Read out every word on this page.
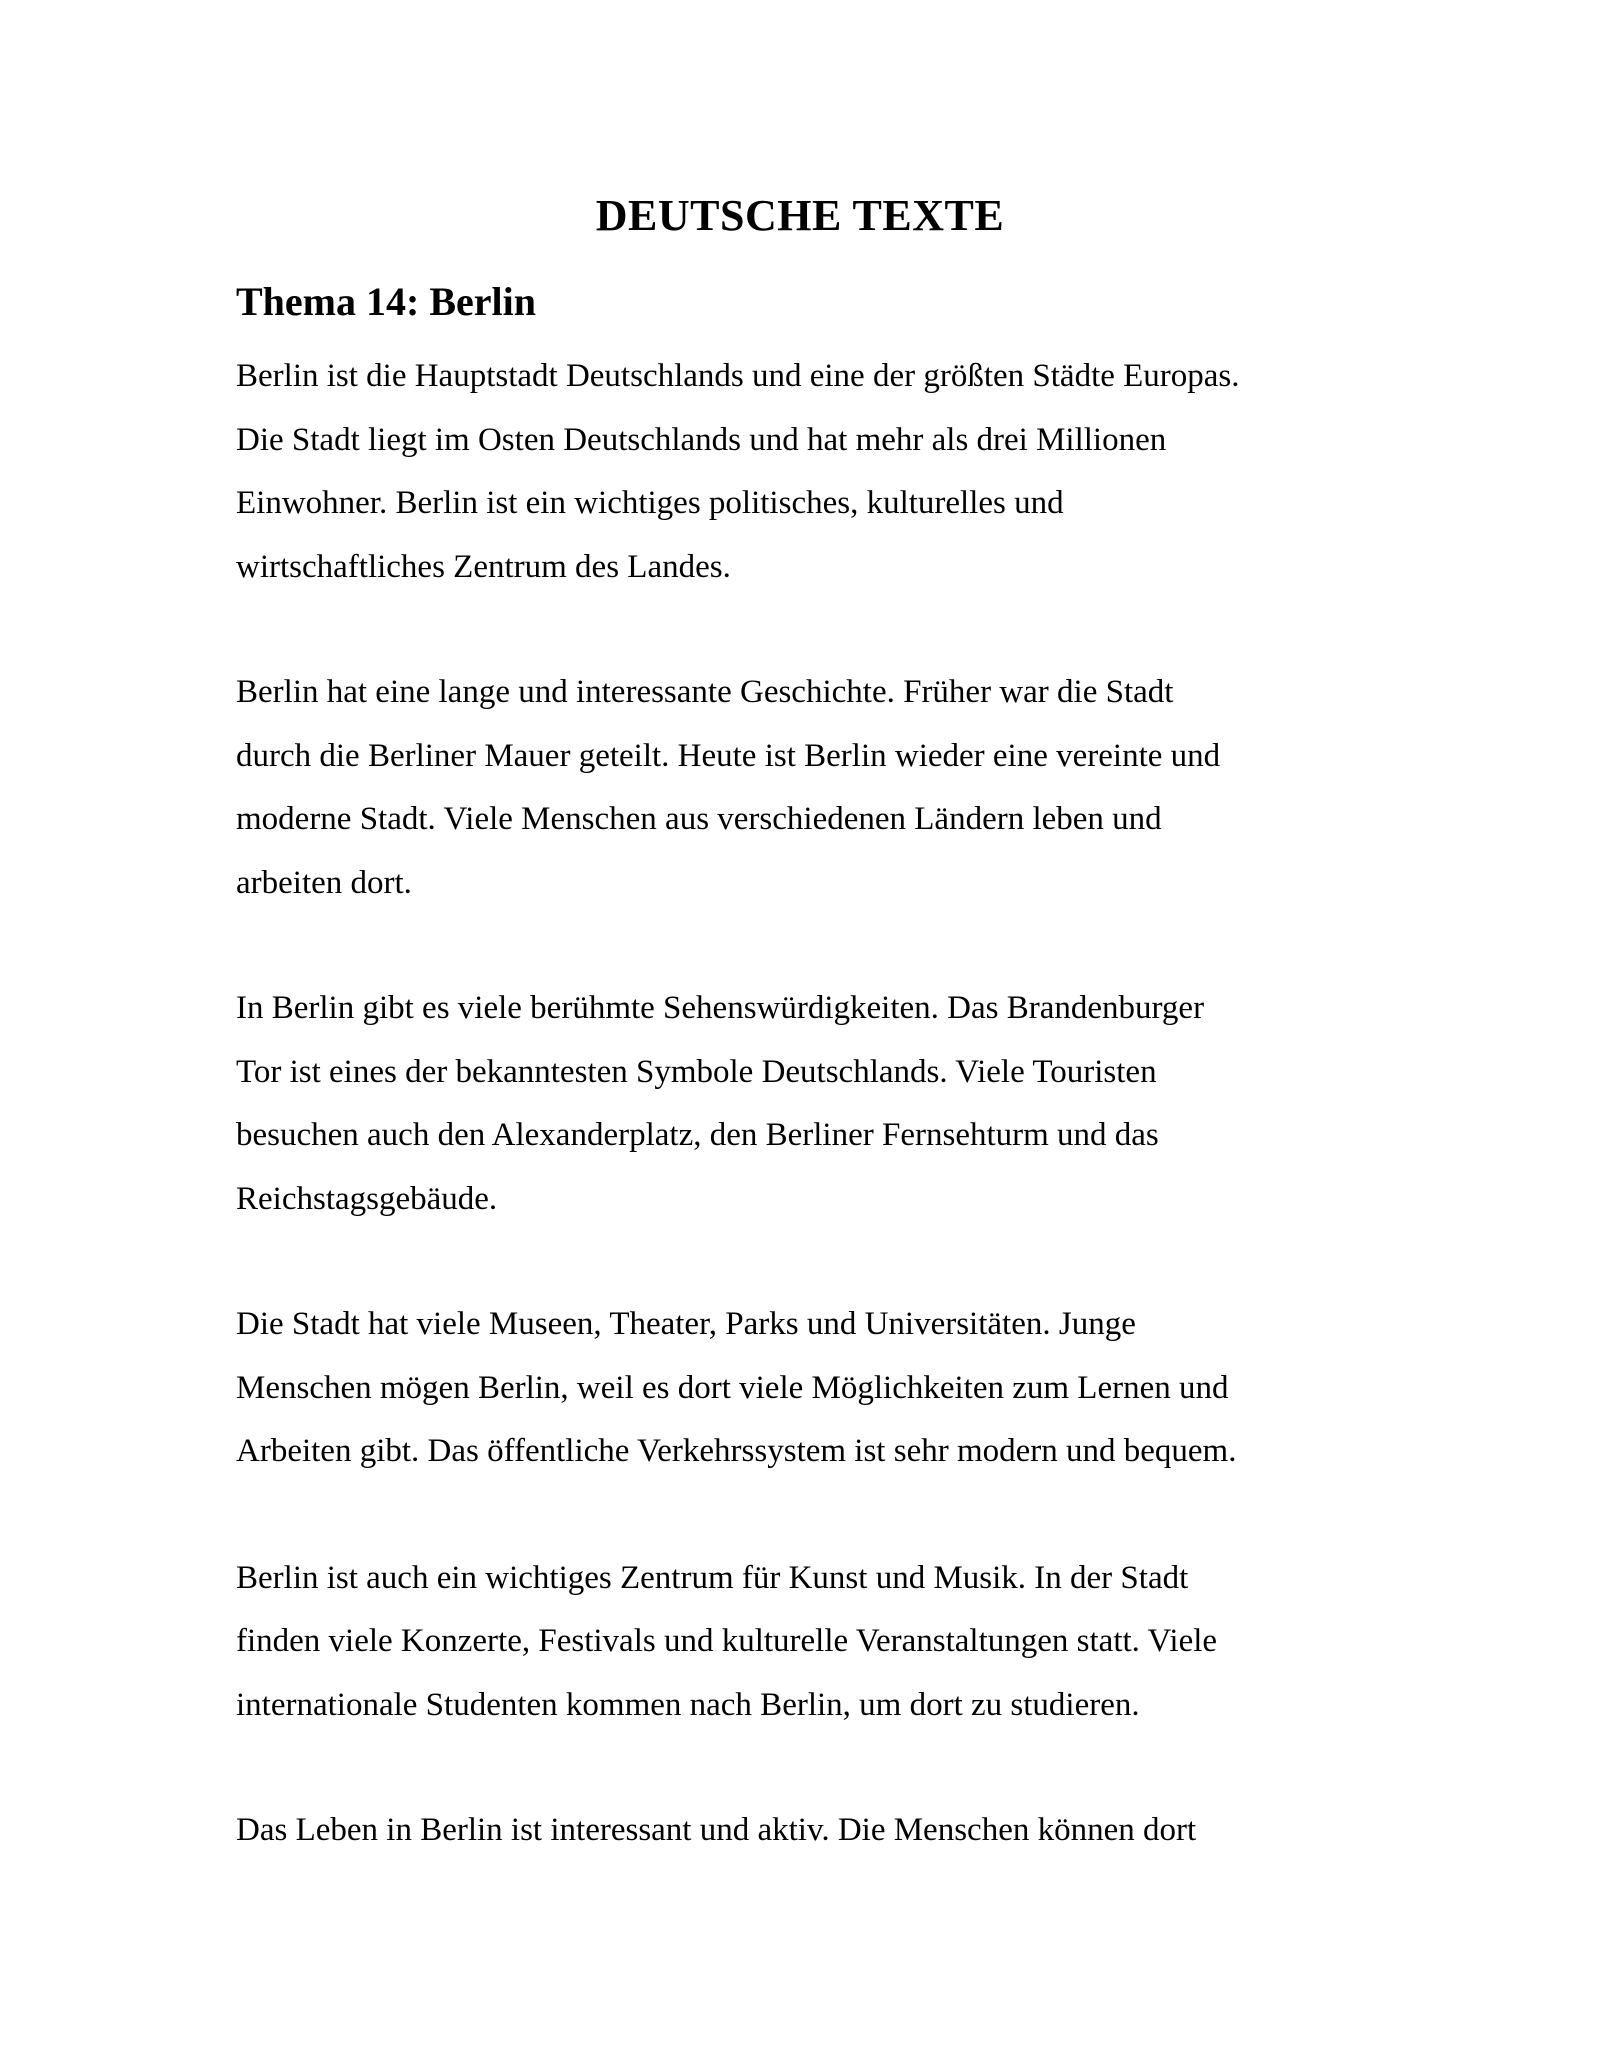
DEUTSCHE TEXTE
Thema 14: Berlin
Berlin ist die Hauptstadt Deutschlands und eine der größten Städte Europas.
Die Stadt liegt im Osten Deutschlands und hat mehr als drei Millionen
Einwohner. Berlin ist ein wichtiges politisches, kulturelles und
wirtschaftliches Zentrum des Landes.
Berlin hat eine lange und interessante Geschichte. Früher war die Stadt
durch die Berliner Mauer geteilt. Heute ist Berlin wieder eine vereinte und
moderne Stadt. Viele Menschen aus verschiedenen Ländern leben und
arbeiten dort.
In Berlin gibt es viele berühmte Sehenswürdigkeiten. Das Brandenburger
Tor ist eines der bekanntesten Symbole Deutschlands. Viele Touristen
besuchen auch den Alexanderplatz, den Berliner Fernsehturm und das
Reichstagsgebäude.
Die Stadt hat viele Museen, Theater, Parks und Universitäten. Junge
Menschen mögen Berlin, weil es dort viele Möglichkeiten zum Lernen und
Arbeiten gibt. Das öffentliche Verkehrssystem ist sehr modern und bequem.
Berlin ist auch ein wichtiges Zentrum für Kunst und Musik. In der Stadt
finden viele Konzerte, Festivals und kulturelle Veranstaltungen statt. Viele
internationale Studenten kommen nach Berlin, um dort zu studieren.
Das Leben in Berlin ist interessant und aktiv. Die Menschen können dort
